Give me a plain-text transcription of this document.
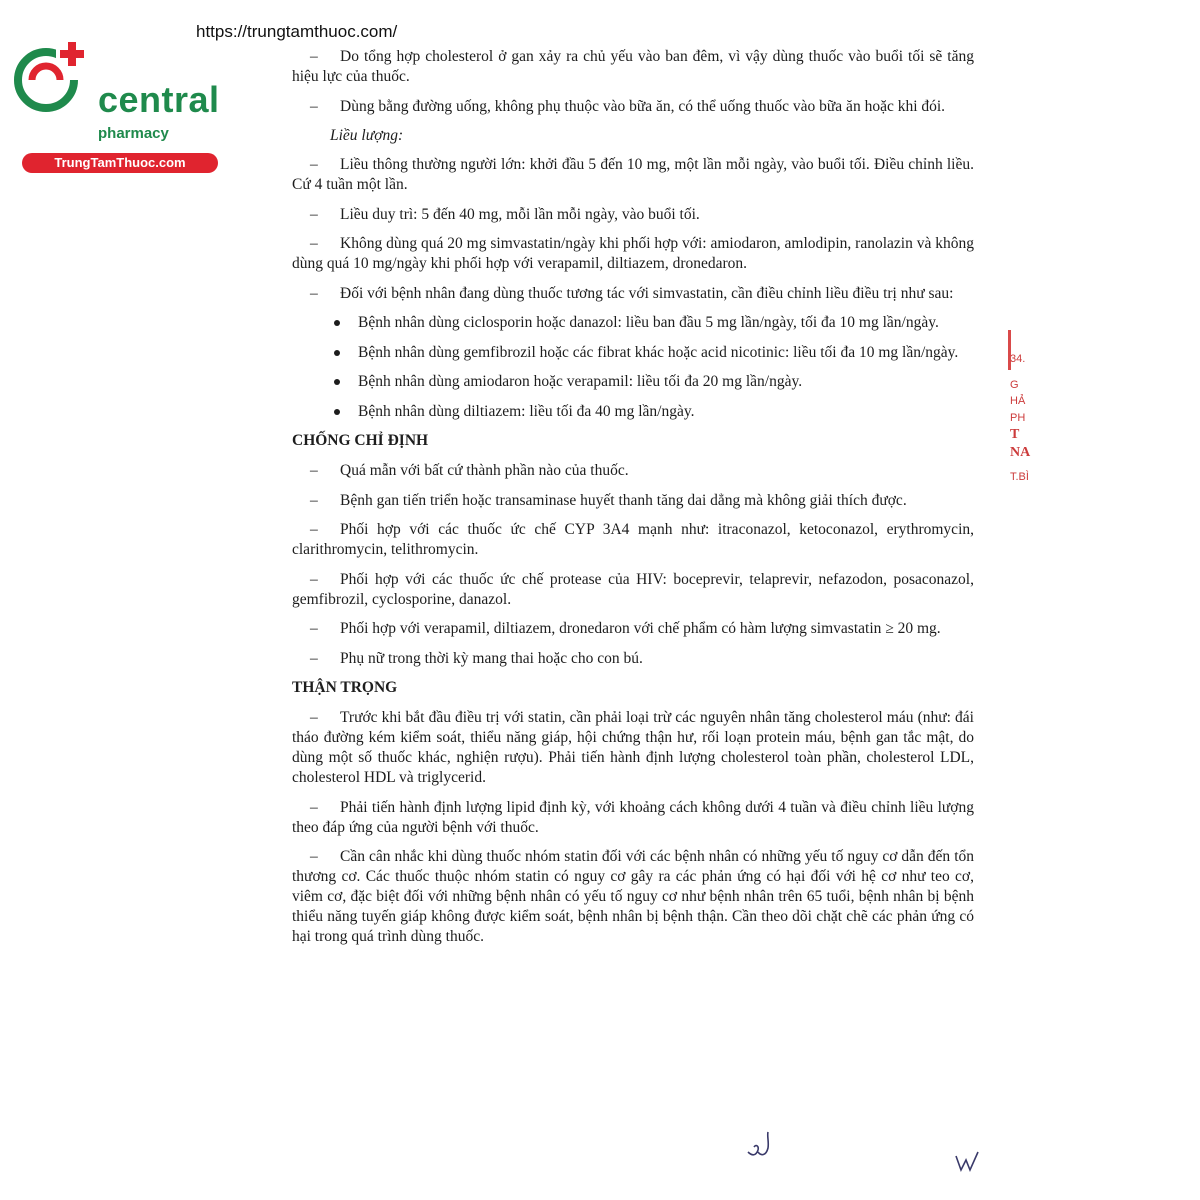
central
pharmacy
TrungTamThuoc.com
https://trungtamthuoc.com/

– Do tổng hợp cholesterol ở gan xảy ra chủ yếu vào ban đêm, vì vậy dùng thuốc vào buổi tối sẽ tăng hiệu lực của thuốc.

– Dùng bằng đường uống, không phụ thuộc vào bữa ăn, có thể uống thuốc vào bữa ăn hoặc khi đói.

Liều lượng:

– Liều thông thường người lớn: khởi đầu 5 đến 10 mg, một lần mỗi ngày, vào buổi tối. Điều chỉnh liều. Cứ 4 tuần một lần.

– Liều duy trì: 5 đến 40 mg, mỗi lần mỗi ngày, vào buổi tối.

– Không dùng quá 20 mg simvastatin/ngày khi phối hợp với: amiodaron, amlodipin, ranolazin và không dùng quá 10 mg/ngày khi phối hợp với verapamil, diltiazem, dronedaron.

– Đối với bệnh nhân đang dùng thuốc tương tác với simvastatin, cần điều chỉnh liều điều trị như sau:

Bệnh nhân dùng ciclosporin hoặc danazol: liều ban đầu 5 mg lần/ngày, tối đa 10 mg lần/ngày.
Bệnh nhân dùng gemfibrozil hoặc các fibrat khác hoặc acid nicotinic: liều tối đa 10 mg lần/ngày.
Bệnh nhân dùng amiodaron hoặc verapamil: liều tối đa 20 mg lần/ngày.
Bệnh nhân dùng diltiazem: liều tối đa 40 mg lần/ngày.
CHỐNG CHỈ ĐỊNH

– Quá mẫn với bất cứ thành phần nào của thuốc.

– Bệnh gan tiến triển hoặc transaminase huyết thanh tăng dai dẳng mà không giải thích được.

– Phối hợp với các thuốc ức chế CYP 3A4 mạnh như: itraconazol, ketoconazol, erythromycin, clarithromycin, telithromycin.

– Phối hợp với các thuốc ức chế protease của HIV: boceprevir, telaprevir, nefazodon, posaconazol, gemfibrozil, cyclosporine, danazol.

– Phối hợp với verapamil, diltiazem, dronedaron với chế phẩm có hàm lượng simvastatin ≥ 20 mg.

– Phụ nữ trong thời kỳ mang thai hoặc cho con bú.

THẬN TRỌNG

– Trước khi bắt đầu điều trị với statin, cần phải loại trừ các nguyên nhân tăng cholesterol máu (như: đái tháo đường kém kiểm soát, thiểu năng giáp, hội chứng thận hư, rối loạn protein máu, bệnh gan tắc mật, do dùng một số thuốc khác, nghiện rượu). Phải tiến hành định lượng cholesterol toàn phần, cholesterol LDL, cholesterol HDL và triglycerid.

– Phải tiến hành định lượng lipid định kỳ, với khoảng cách không dưới 4 tuần và điều chỉnh liều lượng theo đáp ứng của người bệnh với thuốc.

– Cần cân nhắc khi dùng thuốc nhóm statin đối với các bệnh nhân có những yếu tố nguy cơ dẫn đến tổn thương cơ. Các thuốc thuộc nhóm statin có nguy cơ gây ra các phản ứng có hại đối với hệ cơ như teo cơ, viêm cơ, đặc biệt đối với những bệnh nhân có yếu tố nguy cơ như bệnh nhân trên 65 tuổi, bệnh nhân bị bệnh thiểu năng tuyến giáp không được kiểm soát, bệnh nhân bị bệnh thận. Cần theo dõi chặt chẽ các phản ứng có hại trong quá trình dùng thuốc.

34.
G
HẢ
PH
T
NA
T.BÌ
